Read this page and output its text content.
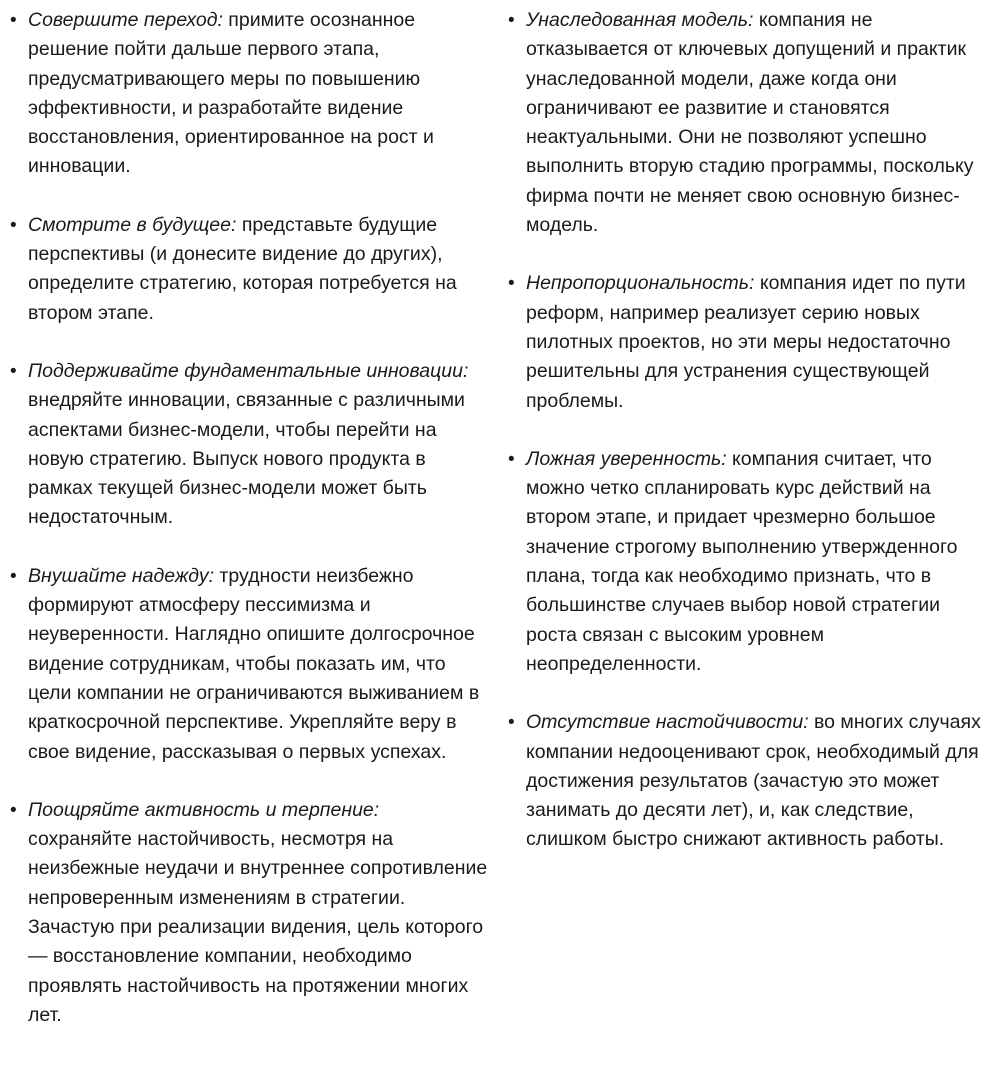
• Совершите переход: примите осознанное решение пойти дальше первого этапа, предусматривающего меры по повышению эффективности, и разработайте видение восстановления, ориентированное на рост и инновации.
• Смотрите в будущее: представьте будущие перспективы (и донесите видение до других), определите стратегию, которая потребуется на втором этапе.
• Поддерживайте фундаментальные инновации: внедряйте инновации, связанные с различными аспектами бизнес-модели, чтобы перейти на новую стратегию. Выпуск нового продукта в рамках текущей бизнес-модели может быть недостаточным.
• Внушайте надежду: трудности неизбежно формируют атмосферу пессимизма и неуверенности. Наглядно опишите долгосрочное видение сотрудникам, чтобы показать им, что цели компании не ограничиваются выживанием в краткосрочной перспективе. Укрепляйте веру в свое видение, рассказывая о первых успехах.
• Поощряйте активность и терпение: сохраняйте настойчивость, несмотря на неизбежные неудачи и внутреннее сопротивление непроверенным изменениям в стратегии. Зачастую при реализации видения, цель которого — восстановление компании, необходимо проявлять настойчивость на протяжении многих лет.
• Унаследованная модель: компания не отказывается от ключевых допущений и практик унаследованной модели, даже когда они ограничивают ее развитие и становятся неактуальными. Они не позволяют успешно выполнить вторую стадию программы, поскольку фирма почти не меняет свою основную бизнес-модель.
• Непропорциональность: компания идет по пути реформ, например реализует серию новых пилотных проектов, но эти меры недостаточно решительны для устранения существующей проблемы.
• Ложная уверенность: компания считает, что можно четко спланировать курс действий на втором этапе, и придает чрезмерно большое значение строгому выполнению утвержденного плана, тогда как необходимо признать, что в большинстве случаев выбор новой стратегии роста связан с высоким уровнем неопределенности.
• Отсутствие настойчивости: во многих случаях компании недооценивают срок, необходимый для достижения результатов (зачастую это может занимать до десяти лет), и, как следствие, слишком быстро снижают активность работы.
